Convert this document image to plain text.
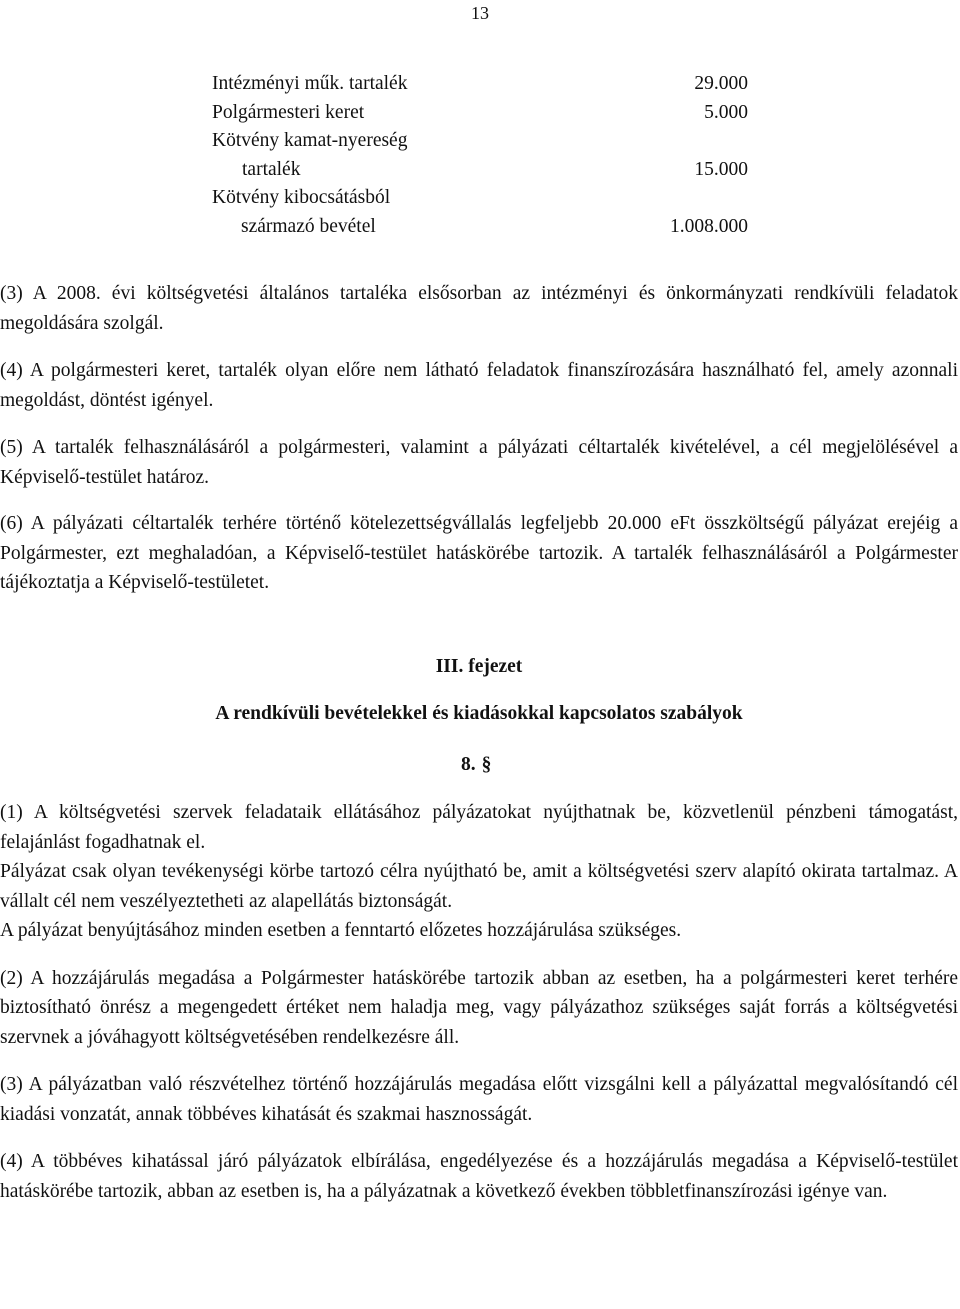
13
Intézményi műk. tartalék	29.000
Polgármesteri keret	5.000
Kötvény kamat-nyereség
tartalék	15.000
Kötvény kibocsátásból
származó bevétel	1.008.000

(3) A 2008. évi költségvetési általános tartaléka elsősorban az intézményi és önkormányzati rendkívüli feladatok megoldására szolgál.

(4) A polgármesteri keret, tartalék olyan előre nem látható feladatok finanszírozására használható fel, amely azonnali megoldást, döntést igényel.

(5) A tartalék felhasználásáról a polgármesteri, valamint a pályázati céltartalék kivételével, a cél megjelölésével a Képviselő-testület határoz.

(6) A pályázati céltartalék terhére történő kötelezettségvállalás legfeljebb 20.000 eFt összköltségű pályázat erejéig a Polgármester, ezt meghaladóan, a Képviselő-testület hatáskörébe tartozik. A tartalék felhasználásáról a Polgármester tájékoztatja a Képviselő-testületet.

III. fejezet

A rendkívüli bevételekkel és kiadásokkal kapcsolatos szabályok

8. §

(1) A költségvetési szervek feladataik ellátásához pályázatokat nyújthatnak be, közvetlenül pénzbeni támogatást, felajánlást fogadhatnak el.

Pályázat csak olyan tevékenységi körbe tartozó célra nyújtható be, amit a költségvetési szerv alapító okirata tartalmaz. A vállalt cél nem veszélyeztetheti az alapellátás biztonságát.

A pályázat benyújtásához minden esetben a fenntartó előzetes hozzájárulása szükséges.

(2) A hozzájárulás megadása a Polgármester hatáskörébe tartozik abban az esetben, ha a polgármesteri keret terhére biztosítható önrész a megengedett értéket nem haladja meg, vagy pályázathoz szükséges saját forrás a költségvetési szervnek a jóváhagyott költségvetésében rendelkezésre áll.

(3) A pályázatban való részvételhez történő hozzájárulás megadása előtt vizsgálni kell a pályázattal megvalósítandó cél kiadási vonzatát, annak többéves kihatását és szakmai hasznosságát.

(4) A többéves kihatással járó pályázatok elbírálása, engedélyezése és a hozzájárulás megadása a Képviselő-testület hatáskörébe tartozik, abban az esetben is, ha a pályázatnak a következő években többletfinanszírozási igénye van.
